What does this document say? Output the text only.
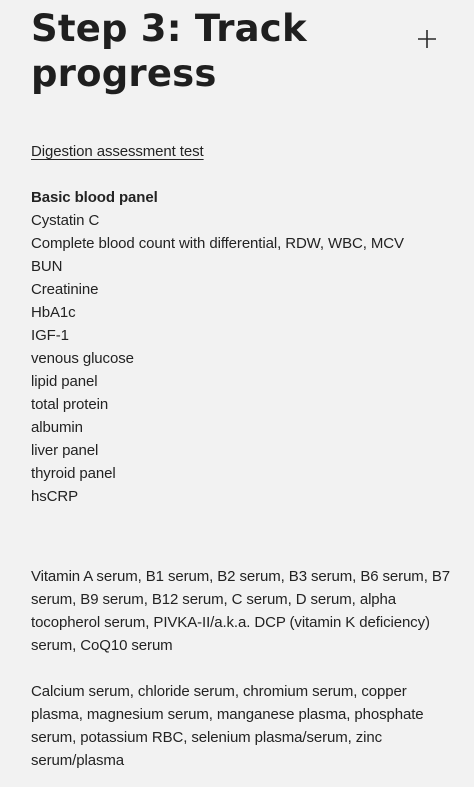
Step 3: Track
progress
Digestion assessment test
Basic blood panel
Cystatin C
Complete blood count with differential, RDW, WBC, MCV
BUN
Creatinine
HbA1c
IGF-1
venous glucose
lipid panel
total protein
albumin
liver panel
thyroid panel
hsCRP

Vitamin A serum, B1 serum, B2 serum, B3 serum, B6 serum, B7 serum, B9 serum, B12 serum, C serum, D serum, alpha tocopherol serum, PIVKA-II/a.k.a. DCP (vitamin K deficiency) serum, CoQ10 serum

Calcium serum, chloride serum, chromium serum, copper plasma, magnesium serum, manganese plasma, phosphate serum, potassium RBC, selenium plasma/serum, zinc serum/plasma
